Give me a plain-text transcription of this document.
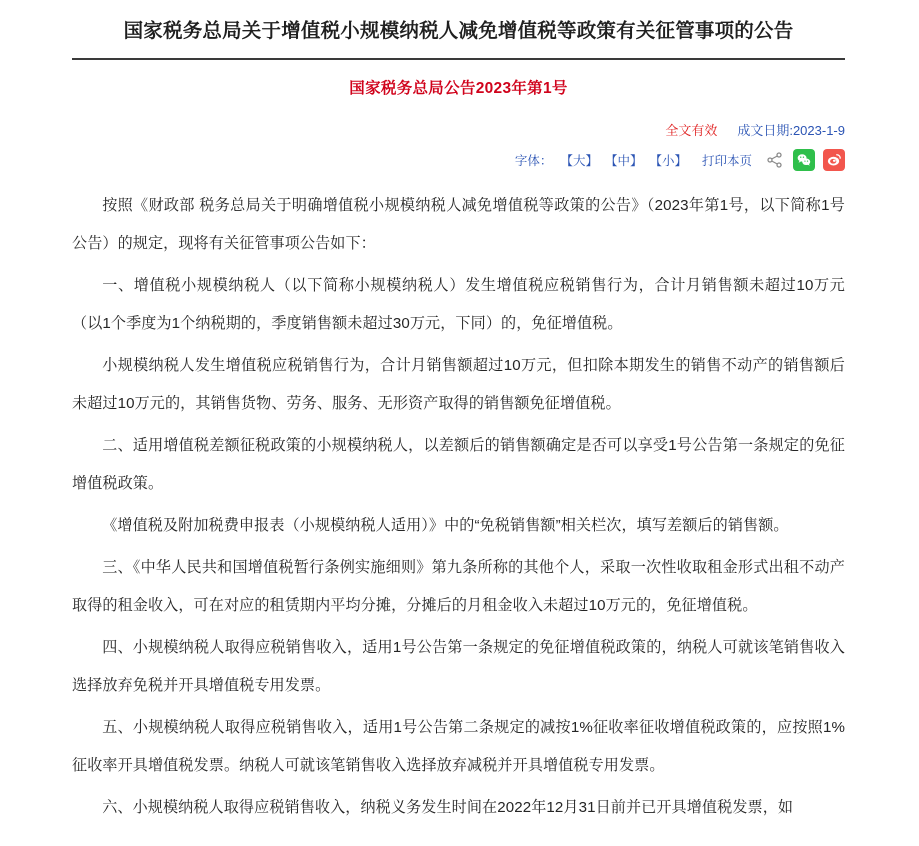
国家税务总局关于增值税小规模纳税人减免增值税等政策有关征管事项的公告
国家税务总局公告2023年第1号
全文有效 成文日期:2023-1-9
字体： 【大】 【中】 【小】 打印本页

按照《财政部 税务总局关于明确增值税小规模纳税人减免增值税等政策的公告》（2023年第1号，以下简称1号公告）的规定，现将有关征管事项公告如下：

一、增值税小规模纳税人（以下简称小规模纳税人）发生增值税应税销售行为，合计月销售额未超过10万元（以1个季度为1个纳税期的，季度销售额未超过30万元，下同）的，免征增值税。

小规模纳税人发生增值税应税销售行为，合计月销售额超过10万元，但扣除本期发生的销售不动产的销售额后未超过10万元的，其销售货物、劳务、服务、无形资产取得的销售额免征增值税。

二、适用增值税差额征税政策的小规模纳税人，以差额后的销售额确定是否可以享受1号公告第一条规定的免征增值税政策。

《增值税及附加税费申报表（小规模纳税人适用）》中的“免税销售额”相关栏次，填写差额后的销售额。

三、《中华人民共和国增值税暂行条例实施细则》第九条所称的其他个人，采取一次性收取租金形式出租不动产取得的租金收入，可在对应的租赁期内平均分摊，分摊后的月租金收入未超过10万元的，免征增值税。

四、小规模纳税人取得应税销售收入，适用1号公告第一条规定的免征增值税政策的，纳税人可就该笔销售收入选择放弃免税并开具增值税专用发票。

五、小规模纳税人取得应税销售收入，适用1号公告第二条规定的减按1%征收率征收增值税政策的，应按照1%征收率开具增值税发票。纳税人可就该笔销售收入选择放弃减税并开具增值税专用发票。

六、小规模纳税人取得应税销售收入，纳税义务发生时间在2022年12月31日前并已开具增值税发票，如
